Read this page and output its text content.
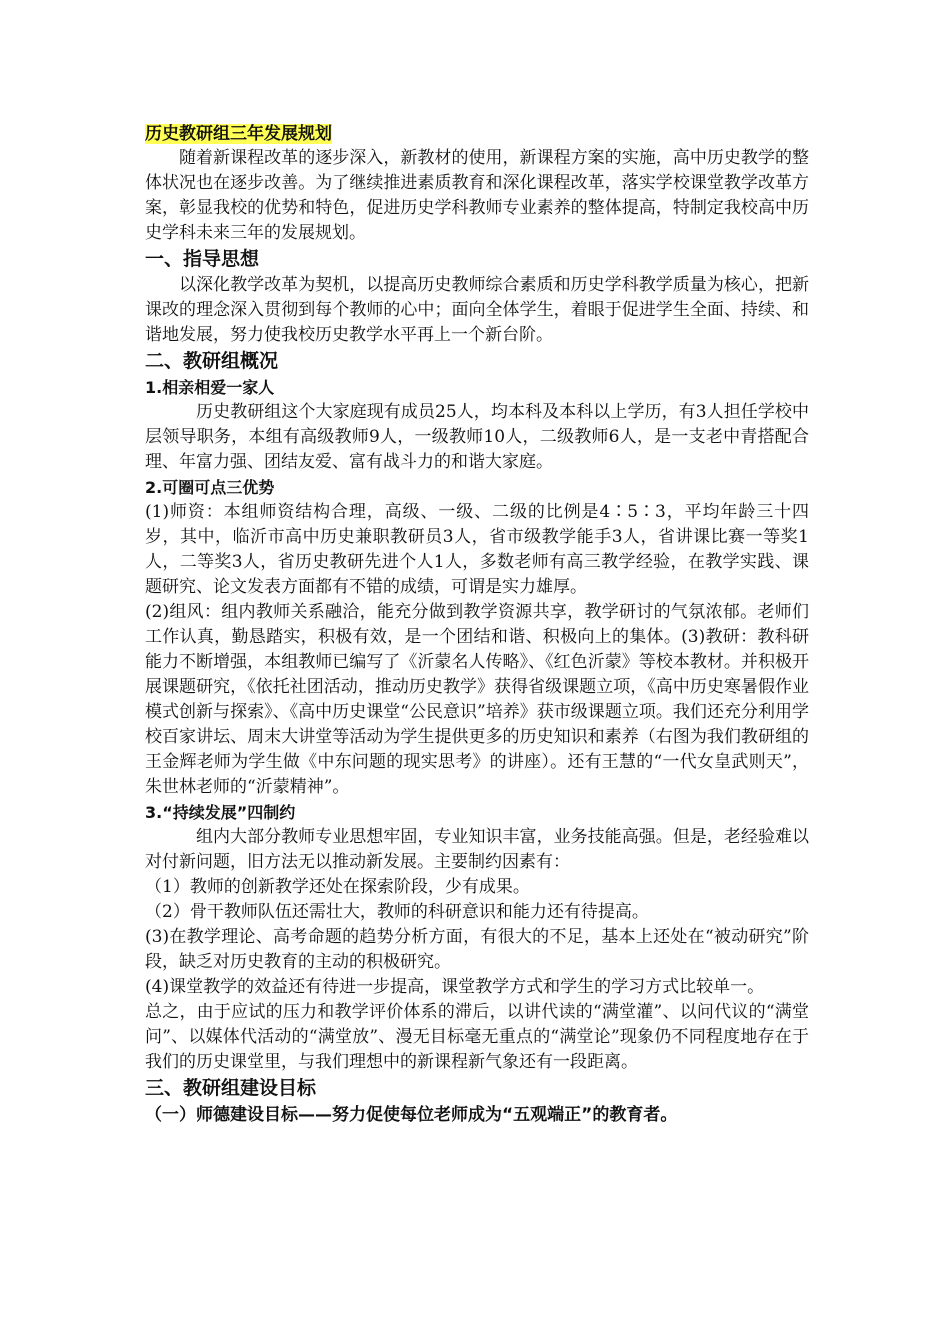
历史教研组三年发展规划

随着新课程改革的逐步深入，新教材的使用，新课程方案的实施，高中历史教学的整体状况也在逐步改善。为了继续推进素质教育和深化课程改革，落实学校课堂教学改革方案，彰显我校的优势和特色，促进历史学科教师专业素养的整体提高，特制定我校高中历史学科未来三年的发展规划。

一、指导思想

以深化教学改革为契机，以提高历史教师综合素质和历史学科教学质量为核心，把新课改的理念深入贯彻到每个教师的心中；面向全体学生，着眼于促进学生全面、持续、和谐地发展，努力使我校历史教学水平再上一个新台阶。

二、教研组概况
1.相亲相爱一家人

历史教研组这个大家庭现有成员25人，均本科及本科以上学历，有3人担任学校中层领导职务，本组有高级教师9人，一级教师10人，二级教师6人，是一支老中青搭配合理、年富力强、团结友爱、富有战斗力的和谐大家庭。

2.可圈可点三优势

(1)师资：本组师资结构合理，高级、一级、二级的比例是4∶5∶3，平均年龄三十四岁，其中，临沂市高中历史兼职教研员3人，省市级教学能手3人，省讲课比赛一等奖1人，二等奖3人，省历史教研先进个人1人，多数老师有高三教学经验，在教学实践、课题研究、论文发表方面都有不错的成绩，可谓是实力雄厚。

(2)组风：组内教师关系融洽，能充分做到教学资源共享，教学研讨的气氛浓郁。老师们工作认真，勤恳踏实，积极有效，是一个团结和谐、积极向上的集体。(3)教研：教科研能力不断增强，本组教师已编写了《沂蒙名人传略》、《红色沂蒙》等校本教材。并积极开展课题研究，《依托社团活动，推动历史教学》获得省级课题立项，《高中历史寒暑假作业模式创新与探索》、《高中历史课堂“公民意识”培养》获市级课题立项。我们还充分利用学校百家讲坛、周末大讲堂等活动为学生提供更多的历史知识和素养（右图为我们教研组的王金辉老师为学生做《中东问题的现实思考》的讲座）。还有王慧的“一代女皇武则天”，朱世林老师的“沂蒙精神”。

3.“持续发展”四制约

组内大部分教师专业思想牢固，专业知识丰富，业务技能高强。但是，老经验难以对付新问题，旧方法无以推动新发展。主要制约因素有：

（1）教师的创新教学还处在探索阶段，少有成果。

（2）骨干教师队伍还需壮大，教师的科研意识和能力还有待提高。

(3)在教学理论、高考命题的趋势分析方面，有很大的不足，基本上还处在“被动研究”阶段，缺乏对历史教育的主动的积极研究。

(4)课堂教学的效益还有待进一步提高，课堂教学方式和学生的学习方式比较单一。

总之，由于应试的压力和教学评价体系的滞后，以讲代读的“满堂灌”、以问代议的“满堂问”、以媒体代活动的“满堂放”、漫无目标毫无重点的“满堂论”现象仍不同程度地存在于我们的历史课堂里，与我们理想中的新课程新气象还有一段距离。

三、教研组建设目标
（一）师德建设目标——努力促使每位老师成为“五观端正”的教育者。
